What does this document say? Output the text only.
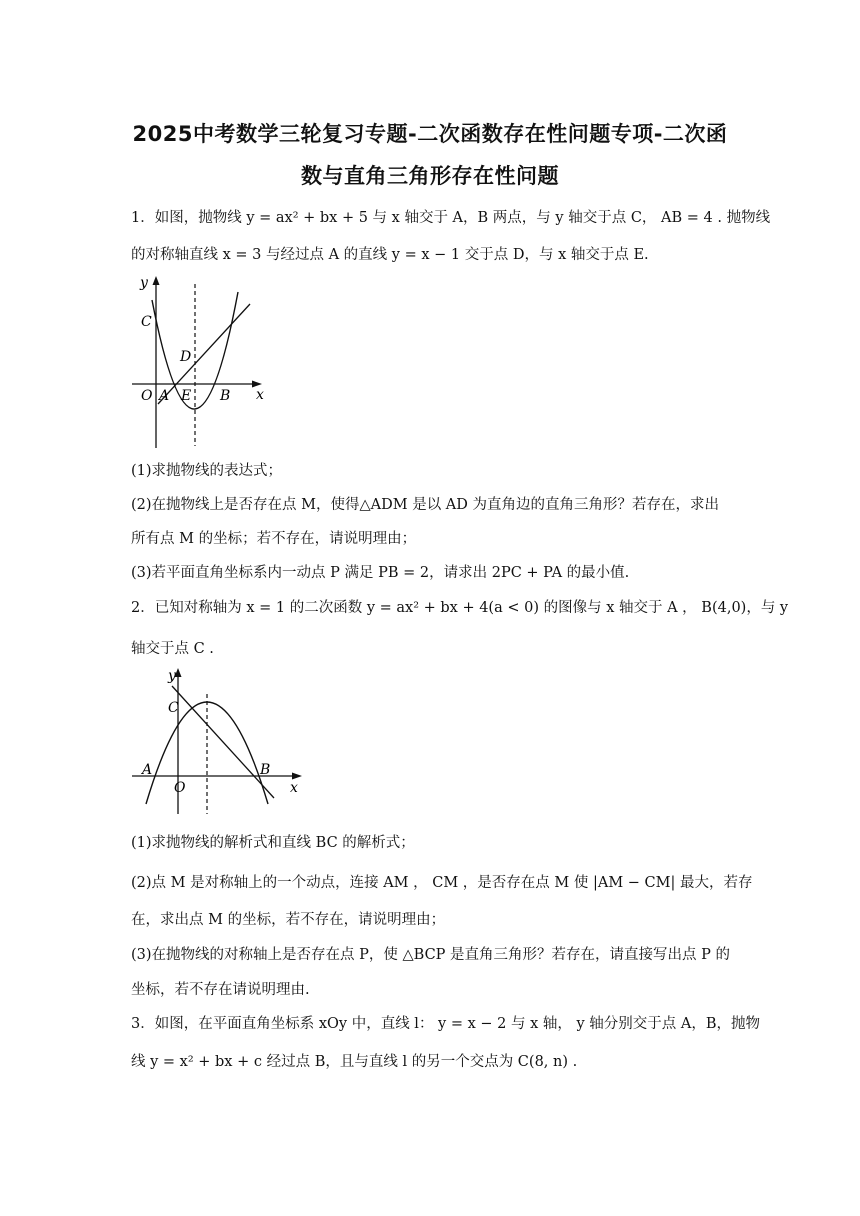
2025中考数学三轮复习专题-二次函数存在性问题专项-二次函
数与直角三角形存在性问题
1．如图，抛物线 y = ax² + bx + 5 与 x 轴交于 A，B 两点，与 y 轴交于点 C， AB = 4 . 抛物线
的对称轴直线 x = 3 与经过点 A 的直线 y = x − 1 交于点 D，与 x 轴交于点 E.
y
x
C
D
O A E B
(1)求抛物线的表达式；
(2)在抛物线上是否存在点 M，使得△ADM 是以 AD 为直角边的直角三角形？若存在，求出
所有点 M 的坐标；若不存在，请说明理由；
(3)若平面直角坐标系内一动点 P 满足 PB = 2，请求出 2PC + PA 的最小值.
2．已知对称轴为 x = 1 的二次函数 y = ax² + bx + 4(a < 0) 的图像与 x 轴交于 A ， B(4,0)，与 y
轴交于点 C .
y
x
C
A
O
B
(1)求抛物线的解析式和直线 BC 的解析式；
(2)点 M 是对称轴上的一个动点，连接 AM ， CM ，是否存在点 M 使 |AM − CM| 最大，若存
在，求出点 M 的坐标，若不存在，请说明理由；
(3)在抛物线的对称轴上是否存在点 P，使 △BCP 是直角三角形？若存在，请直接写出点 P 的
坐标，若不存在请说明理由.
3．如图，在平面直角坐标系 xOy 中，直线 l： y = x − 2 与 x 轴， y 轴分别交于点 A，B，抛物
线 y = x² + bx + c 经过点 B，且与直线 l 的另一个交点为 C(8, n) .
